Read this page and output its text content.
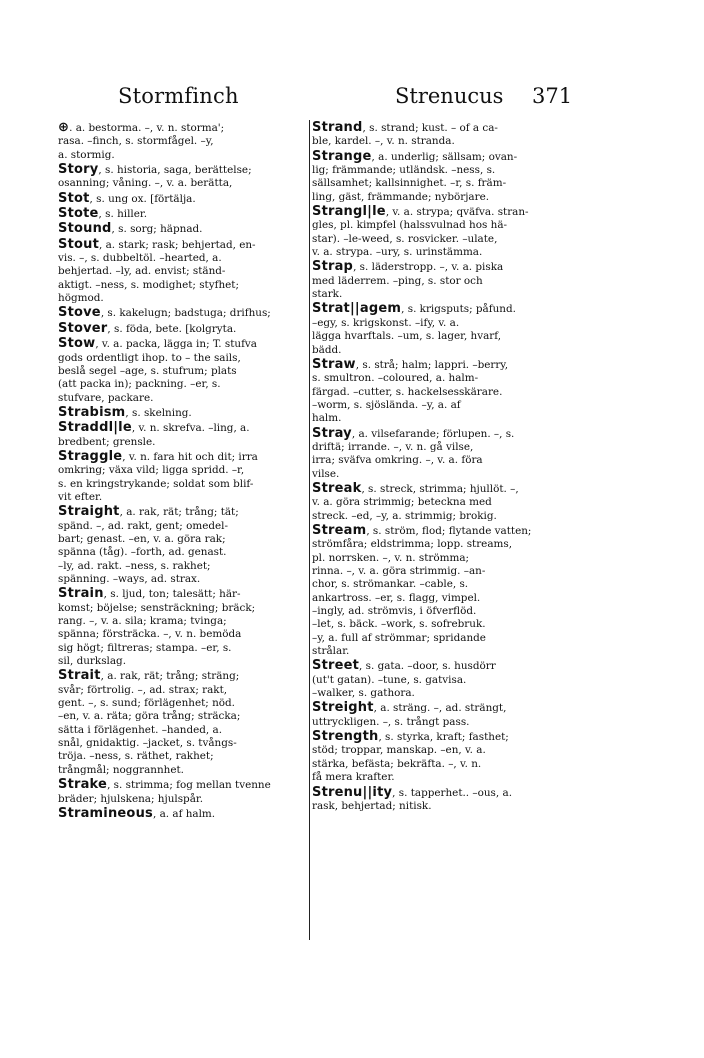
Stormfinch	Strenucus 371
⊕. a. bestorma. –, v. n. storma';
rasa. –finch, s. stormfågel. –y,
a. stormig.
Story, s. historia, saga, berättelse;
osanning; våning. –, v. a. berätta,
Stot, s. ung ox. [förtälja.
Stote, s. hiller.
Stound, s. sorg; häpnad.
Stout, a. stark; rask; behjertad, en-
vis. –, s. dubbeltöl. –hearted, a.
behjertad. –ly, ad. envist; ständ-
aktigt. –ness, s. modighet; styfhet;
högmod.
Stove, s. kakelugn; badstuga; drifhus;
Stover, s. föda, bete. [kolgryta.
Stow, v. a. packa, lägga in; T. stufva
gods ordentligt ihop. to – the sails,
beslå segel –age, s. stufrum; plats
(att packa in); packning. –er, s.
stufvare, packare.
Strabism, s. skelning.
Straddl|le, v. n. skrefva. –ling, a.
bredbent; grensle.
Straggle, v. n. fara hit och dit; irra
omkring; växa vild; ligga spridd. –r,
s. en kringstrykande; soldat som blif-
vit efter.
Straight, a. rak, rät; trång; tät;
spänd. –, ad. rakt, gent; omedel-
bart; genast. –en, v. a. göra rak;
spänna (tåg). –forth, ad. genast.
–ly, ad. rakt. –ness, s. rakhet;
spänning. –ways, ad. strax.
Strain, s. ljud, ton; talesätt; här-
komst; böjelse; sensträckning; bräck;
rang. –, v. a. sila; krama; tvinga;
spänna; försträcka. –, v. n. bemöda
sig högt; filtreras; stampa. –er, s.
sil, durkslag.
Strait, a. rak, rät; trång; sträng;
svår; förtrolig. –, ad. strax; rakt,
gent. –, s. sund; förlägenhet; nöd.
–en, v. a. räta; göra trång; sträcka;
sätta i förlägenhet. –handed, a.
snål, gnidaktig. –jacket, s. tvångs-
tröja. –ness, s. räthet, rakhet;
trångmål; noggrannhet.
Strake, s. strimma; fog mellan tvenne
bräder; hjulskena; hjulspår.
Stramineous, a. af halm.
Strand, s. strand; kust. – of a ca-
ble, kardel. –, v. n. stranda.
Strange, a. underlig; sällsam; ovan-
lig; främmande; utländsk. –ness, s.
sällsamhet; kallsinnighet. –r, s. främ-
ling, gäst, främmande; nybörjare.
Strangl|le, v. a. strypa; qväfva. stran-
gles, pl. kimpfel (halssvulnad hos hä-
star). –le-weed, s. rosvicker. –ulate,
v. a. strypa. –ury, s. urinstämma.
Strap, s. läderstropp. –, v. a. piska
med läderrem. –ping, s. stor och
stark.
Strat||agem, s. krigsputs; påfund.
–egy, s. krigskonst. –ify, v. a.
lägga hvarftals. –um, s. lager, hvarf,
bädd.
Straw, s. strå; halm; lappri. –berry,
s. smultron. –coloured, a. halm-
färgad. –cutter, s. hackelsesskärare.
–worm, s. sjösländа. –y, a. af
halm.
Stray, a. vilsefarande; förlupen. –, s.
driftä; irrande. –, v. n. gå vilse,
irra; sväfva omkring. –, v. a. föra
vilse.
Streak, s. streck, strimma; hjullöt. –,
v. a. göra strimmig; beteckna med
streck. –ed, –y, a. strimmig; brokig.
Stream, s. ström, flod; flytande vatten;
strömfåra; eldstrimma; lopp. streams,
pl. norrsken. –, v. n. strömma;
rinna. –, v. a. göra strimmig. –an-
chor, s. strömankar. –cable, s.
ankartross. –er, s. flagg, vimpel.
–ingly, ad. strömvis, i öfverflöd.
–let, s. bäck. –work, s. sofrebruk.
–y, a. full af strömmar; spridande
strålar.
Street, s. gata. –door, s. husdörr
(ut't gatan). –tune, s. gatvisa.
–walker, s. gathora.
Streight, a. sträng. –, ad. strängt,
uttryckligen. –, s. trångt pass.
Strength, s. styrka, kraft; fasthet;
stöd; troppar, manskap. –en, v. a.
stärka, befästa; bekräfta. –, v. n.
få mera krafter.
Strenu||ity, s. tapperhet.. –ous, a.
rask, behjertad; nitisk.
